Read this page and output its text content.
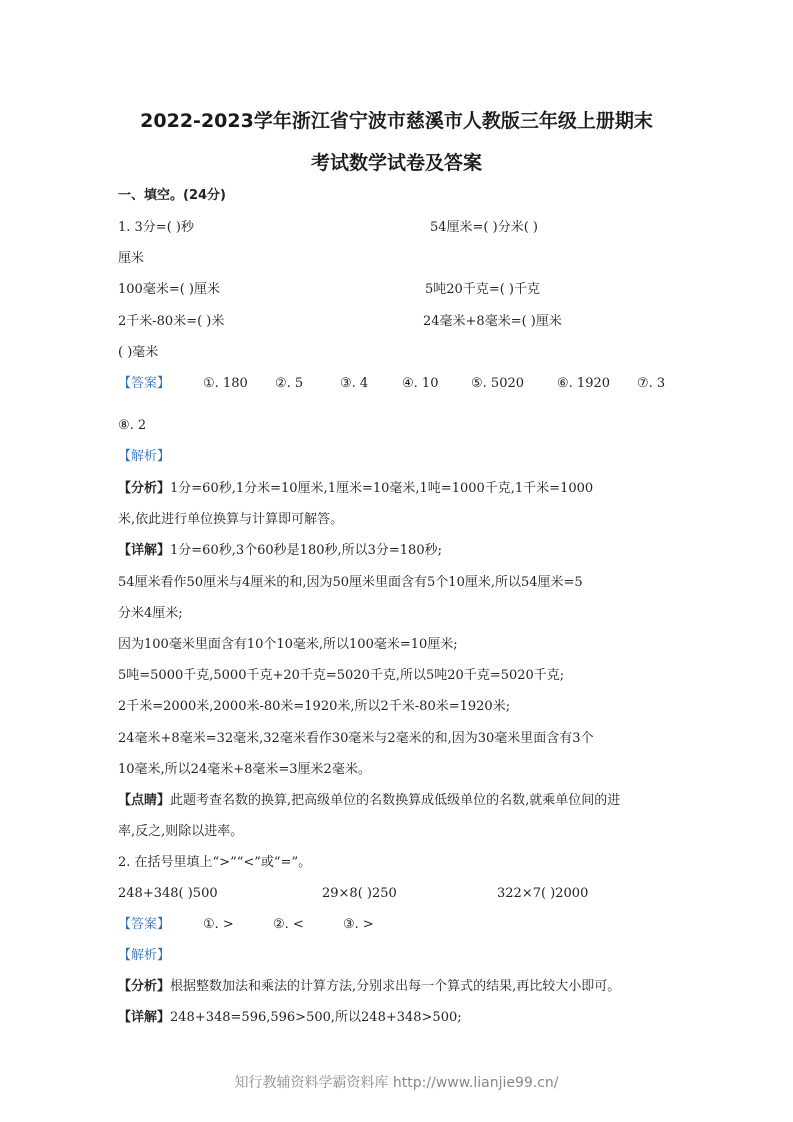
2022-2023学年浙江省宁波市慈溪市人教版三年级上册期末
考试数学试卷及答案
一、填空。(24分)
1. 3分=( )秒	54厘米=( )分米( )
厘米
100毫米=( )厘米	5吨20千克=( )千克
2千米-80米=( )米	24毫米+8毫米=( )厘米
( )毫米
【答案】	①. 180 ②. 5	③. 4	④. 10	⑤. 5020	⑥. 1920 ⑦. 3
⑧. 2
【解析】
【分析】1分=60秒,1分米=10厘米,1厘米=10毫米,1吨=1000千克,1千米=1000
米,依此进行单位换算与计算即可解答。
【详解】1分=60秒,3个60秒是180秒,所以3分=180秒;
54厘米看作50厘米与4厘米的和,因为50厘米里面含有5个10厘米,所以54厘米=5
分米4厘米;
因为100毫米里面含有10个10毫米,所以100毫米=10厘米;
5吨=5000千克,5000千克+20千克=5020千克,所以5吨20千克=5020千克;
2千米=2000米,2000米-80米=1920米,所以2千米-80米=1920米;
24毫米+8毫米=32毫米,32毫米看作30毫米与2毫米的和,因为30毫米里面含有3个
10毫米,所以24毫米+8毫米=3厘米2毫米。
【点睛】此题考查名数的换算,把高级单位的名数换算成低级单位的名数,就乘单位间的进
率,反之,则除以进率。
2. 在括号里填上“>”“<”或“=”。
248+348( )500	29×8( )250	322×7( )2000
【答案】	①. >	②. <	③. >
【解析】
【分析】根据整数加法和乘法的计算方法,分别求出每一个算式的结果,再比较大小即可。
【详解】248+348=596,596>500,所以248+348>500;
知行教辅资料学霸资料库 http://www.lianjie99.cn/
